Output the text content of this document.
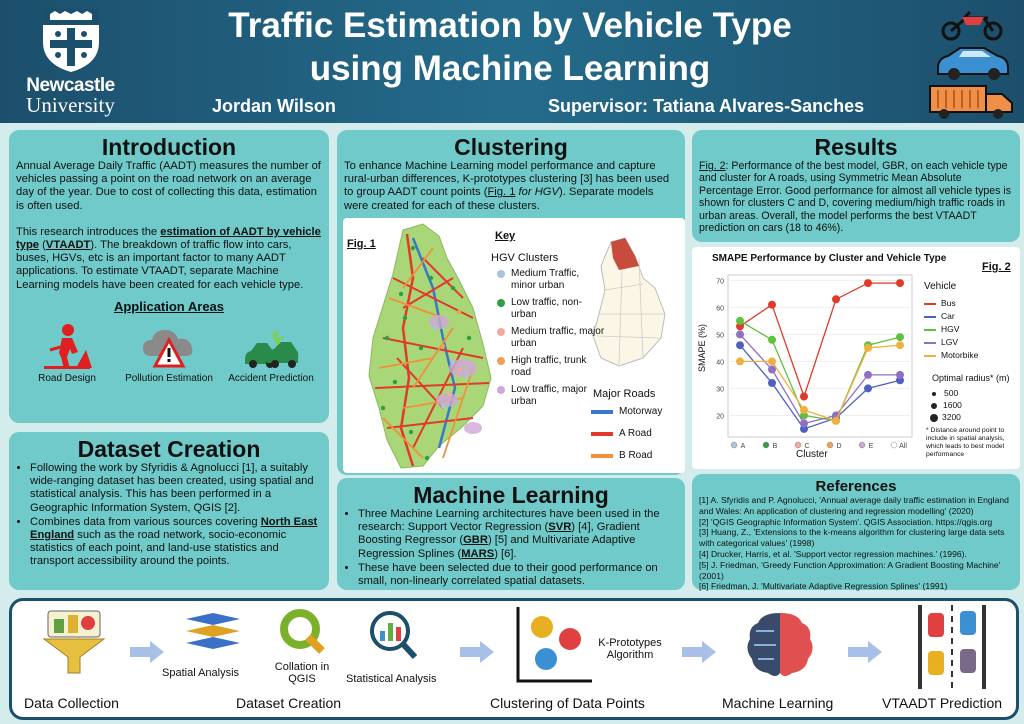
Newcastle
University
Traffic Estimation by Vehicle Type
using Machine Learning
Jordan Wilson	Supervisor: Tatiana Alvares-Sanches
Introduction

Annual Average Daily Traffic (AADT) measures the number of vehicles passing a point on the road network on an average day of the year. Due to cost of collecting this data, estimation is often used.

This research introduces the estimation of AADT by vehicle type (VTAADT). The breakdown of traffic flow into cars, buses, HGVs, etc is an important factor to many AADT applications. To estimate VTAADT, separate Machine Learning models have been created for each vehicle type.

Application Areas
Road Design	Pollution Estimation	Accident Prediction
Dataset Creation
• Following the work by Sfyridis & Agnolucci [1], a suitably wide-ranging dataset has been created, using spatial and statistical analysis. This has been performed in a Geographic Information System, QGIS [2].
• Combines data from various sources covering North East England such as the road network, socio-economic statistics of each point, and land-use statistics and transport accessibility around the points.
Clustering
To enhance Machine Learning model performance and capture rural-urban differences, K-prototypes clustering [3] has been used to group AADT count points (Fig. 1 for HGV). Separate models were created for each of these clusters.
Fig. 1
Key
HGV Clusters
Medium Traffic, minor urban
Low traffic, non-urban
Medium traffic, major urban
High traffic, trunk road
Low traffic, major urban
Major Roads
Motorway
A Road
B Road
Machine Learning
• Three Machine Learning architectures have been used in the research: Support Vector Regression (SVR) [4], Gradient Boosting Regressor (GBR) [5] and Multivariate Adaptive Regression Splines (MARS) [6].
• These have been selected due to their good performance on small, non-linearly correlated spatial datasets.
Results
Fig. 2: Performance of the best model, GBR, on each vehicle type and cluster for A roads, using Symmetric Mean Absolute Percentage Error. Good performance for almost all vehicle types is shown for clusters C and D, covering medium/high traffic roads in urban areas. Overall, the model performs the best VTAADT prediction on cars (18 to 46%).
20
30
40
50
60
70
A	B	C	D	E	All
SMAPE Performance by Cluster and Vehicle Type
Fig. 2
Cluster
SMAPE (%)
Vehicle
Bus
Car
HGV
LGV
Motorbike
Optimal radius* (m)
500
1600
3200
* Distance around point to include in spatial analysis, which leads to best model performance
References
[1] A. Sfyridis and P. Agnolucci, 'Annual average daily traffic estimation in England and Wales: An application of clustering and regression modelling' (2020)
[2] 'QGIS Geographic Information System'. QGIS Association. https://qgis.org
[3] Huang, Z., 'Extensions to the k-means algorithm for clustering large data sets with categorical values' (1998)
[4] Drucker, Harris, et al. 'Support vector regression machines.' (1996).
[5] J. Friedman, 'Greedy Function Approximation: A Gradient Boosting Machine' (2001)
[6] Friedman, J. 'Multivariate Adaptive Regression Splines' (1991)
Data Collection
Spatial Analysis	Collation in QGIS	Statistical Analysis
Dataset Creation
K-Prototypes Algorithm
Clustering of Data Points	Machine Learning	VTAADT Prediction
